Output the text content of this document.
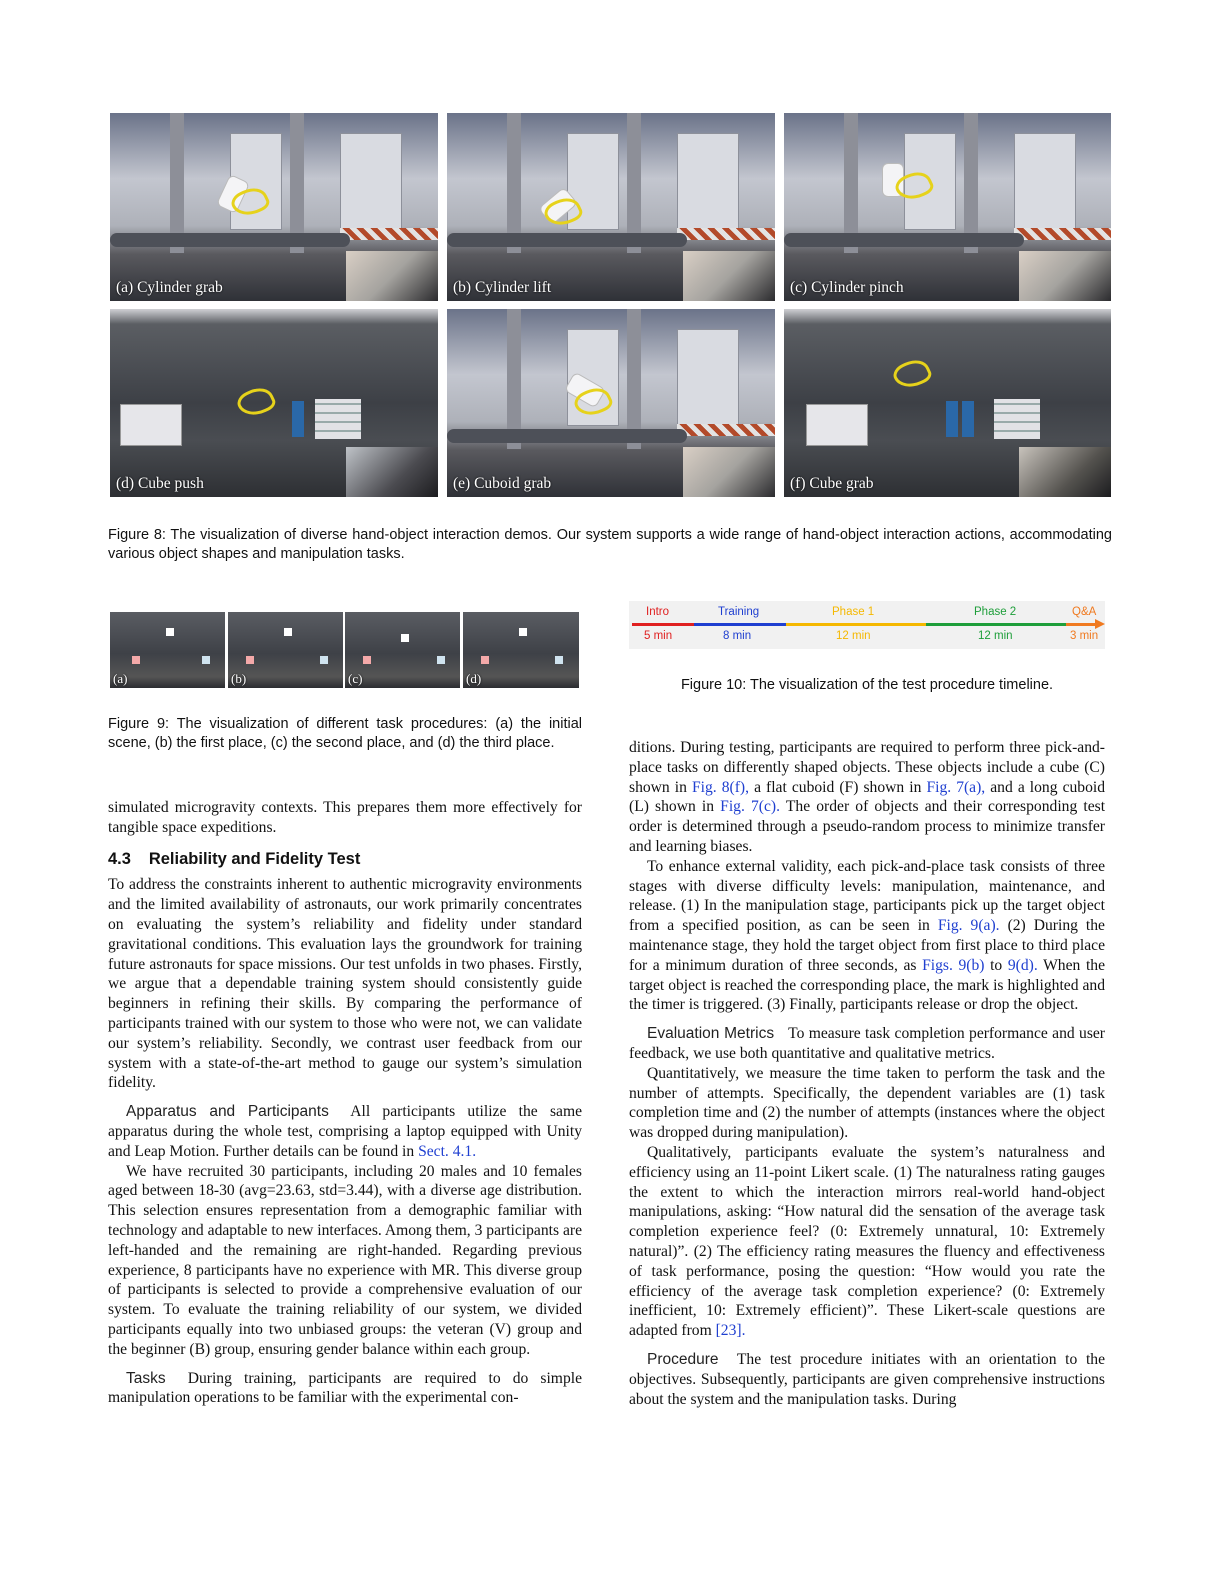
(a) Cylinder grab	(b) Cylinder lift	(c) Cylinder pinch
(d) Cube push	(e) Cuboid grab	(f) Cube grab
Figure 8: The visualization of diverse hand-object interaction demos. Our system supports a wide range of hand-object interaction actions, accommodating various object shapes and manipulation tasks.
(a)	(b)	(c)	(d)
Figure 9: The visualization of different task procedures: (a) the initial scene, (b) the first place, (c) the second place, and (d) the third place.
Intro	Training	Phase 1	Phase 2	Q&A
5 min	8 min	12 min	12 min	3 min
Figure 10: The visualization of the test procedure timeline.

simulated microgravity contexts. This prepares them more effectively for tangible space expeditions.

4.3 Reliability and Fidelity Test

To address the constraints inherent to authentic microgravity environments and the limited availability of astronauts, our work primarily concentrates on evaluating the system’s reliability and fidelity under standard gravitational conditions. This evaluation lays the groundwork for training future astronauts for space missions. Our test unfolds in two phases. Firstly, we argue that a dependable training system should consistently guide beginners in refining their skills. By comparing the performance of participants trained with our system to those who were not, we can validate our system’s reliability. Secondly, we contrast user feedback from our system with a state-of-the-art method to gauge our system’s simulation fidelity.

Apparatus and Participants All participants utilize the same apparatus during the whole test, comprising a laptop equipped with Unity and Leap Motion. Further details can be found in Sect. 4.1.

We have recruited 30 participants, including 20 males and 10 females aged between 18-30 (avg=23.63, std=3.44), with a diverse age distribution. This selection ensures representation from a demographic familiar with technology and adaptable to new interfaces. Among them, 3 participants are left-handed and the remaining are right-handed. Regarding previous experience, 8 participants have no experience with MR. This diverse group of participants is selected to provide a comprehensive evaluation of our system. To evaluate the training reliability of our system, we divided participants equally into two unbiased groups: the veteran (V) group and the beginner (B) group, ensuring gender balance within each group.

Tasks During training, participants are required to do simple manipulation operations to be familiar with the experimental con-

ditions. During testing, participants are required to perform three pick-and-place tasks on differently shaped objects. These objects include a cube (C) shown in Fig. 8(f), a flat cuboid (F) shown in Fig. 7(a), and a long cuboid (L) shown in Fig. 7(c). The order of objects and their corresponding test order is determined through a pseudo-random process to minimize transfer and learning biases.

To enhance external validity, each pick-and-place task consists of three stages with diverse difficulty levels: manipulation, maintenance, and release. (1) In the manipulation stage, participants pick up the target object from a specified position, as can be seen in Fig. 9(a). (2) During the maintenance stage, they hold the target object from first place to third place for a minimum duration of three seconds, as Figs. 9(b) to 9(d). When the target object is reached the corresponding place, the mark is highlighted and the timer is triggered. (3) Finally, participants release or drop the object.

Evaluation Metrics To measure task completion performance and user feedback, we use both quantitative and qualitative metrics.

Quantitatively, we measure the time taken to perform the task and the number of attempts. Specifically, the dependent variables are (1) task completion time and (2) the number of attempts (instances where the object was dropped during manipulation).

Qualitatively, participants evaluate the system’s naturalness and efficiency using an 11-point Likert scale. (1) The naturalness rating gauges the extent to which the interaction mirrors real-world hand-object manipulations, asking: “How natural did the sensation of the average task completion experience feel? (0: Extremely unnatural, 10: Extremely natural)”. (2) The efficiency rating measures the fluency and effectiveness of task performance, posing the question: “How would you rate the efficiency of the average task completion experience? (0: Extremely inefficient, 10: Extremely efficient)”. These Likert-scale questions are adapted from [23].

Procedure The test procedure initiates with an orientation to the objectives. Subsequently, participants are given comprehensive instructions about the system and the manipulation tasks. During
